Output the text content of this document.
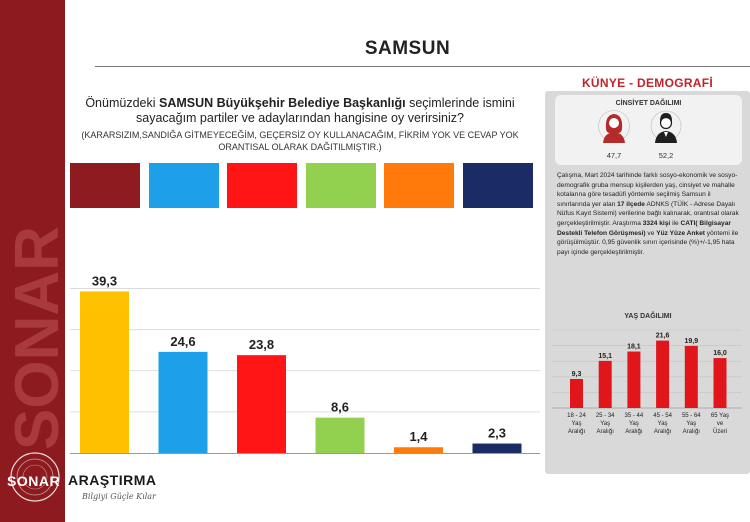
SONAR
SONAR ARAŞTIRMA
Bilgiyi Güçle Kılar
SAMSUN
Önümüzdeki SAMSUN Büyükşehir Belediye Başkanlığı seçimlerinde ismini sayacağım partiler ve adaylarından hangisine oy verirsiniz?
(KARARSIZIM,SANDIĞA GİTMEYECEĞİM, GEÇERSİZ OY KULLANACAĞIM, FİKRİM YOK VE CEVAP YOK ORANTISAL OLARAK DAĞITILMIŞTIR.)
39,3
24,6	23,8
8,6
1,4	2,3
KÜNYE - DEMOGRAFİ
CİNSİYET DAĞILIMI
47,7	52,2
Çalışma, Mart 2024 tarihinde farklı sosyo-ekonomik ve sosyo-demografik gruba mensup kişilerden yaş, cinsiyet ve mahalle kotalarına göre tesadüfi yöntemle seçilmiş Samsun il sınırlarında yer alan 17 ilçede ADNKS (TÜİK - Adrese Dayalı Nüfus Kayıt Sistemi) verilerine bağlı kalınarak, orantısal olarak gerçekleştirilmiştir. Araştırma 3324 kişi ile CATI( Bilgisayar Destekli Telefon Görüşmesi) ve Yüz Yüze Anket yöntemi ile görüşülmüştür. 0,95 güvenlik sınırı içerisinde (%)+/-1,95 hata payı içinde gerçekleştirilmiştir.
YAŞ DAĞILIMI
9,3
18 - 24
Yaş
Aralığı
15,1
25 - 34
Yaş
Aralığı
18,1
35 - 44
Yaş
Aralığı
21,6
45 - 54
Yaş
Aralığı
19,9
55 - 64
Yaş
Aralığı
16,0
65 Yaş
ve
Üzeri
